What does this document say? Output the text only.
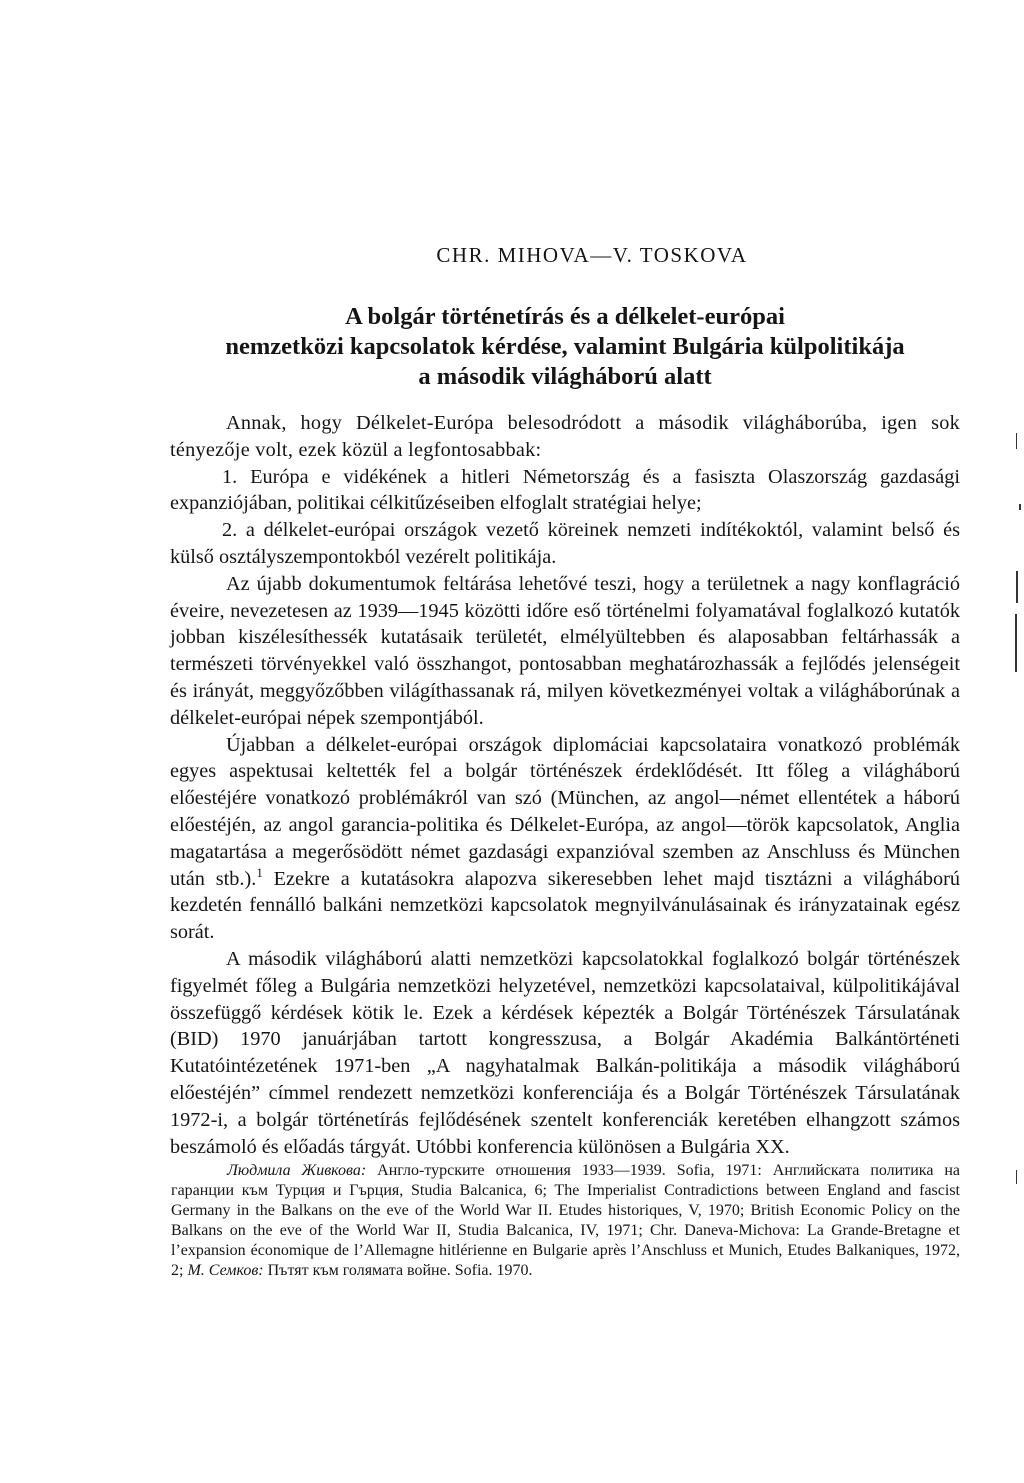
CHR. MIHOVA—V. TOSKOVA
A bolgár történetírás és a délkelet-európai
nemzetközi kapcsolatok kérdése, valamint Bulgária külpolitikája
a második világháború alatt

Annak, hogy Délkelet-Európa belesodródott a második világháborúba, igen sok tényezője volt, ezek közül a legfontosabbak:

1. Európa e vidékének a hitleri Németország és a fasiszta Olaszország gazdasági expanziójában, politikai célkitűzéseiben elfoglalt stratégiai helye;

2. a délkelet-európai országok vezető köreinek nemzeti indítékoktól, valamint belső és külső osztályszempontokból vezérelt politikája.

Az újabb dokumentumok feltárása lehetővé teszi, hogy a területnek a nagy konflagráció éveire, nevezetesen az 1939—1945 közötti időre eső történelmi folyamatával foglalkozó kutatók jobban kiszélesíthessék kutatásaik területét, elmélyültebben és alaposabban feltárhassák a természeti törvényekkel való összhangot, pontosabban meghatározhassák a fejlődés jelenségeit és irányát, meggyőzőbben világíthassanak rá, milyen következményei voltak a világháborúnak a délkelet-európai népek szempontjából.

Újabban a délkelet-európai országok diplomáciai kapcsolataira vonatkozó problémák egyes aspektusai keltették fel a bolgár történészek érdeklődését. Itt főleg a világháború előestéjére vonatkozó problémákról van szó (München, az angol—német ellentétek a háború előestéjén, az angol garancia-politika és Délkelet-Európa, az angol—török kapcsolatok, Anglia magatartása a megerősödött német gazdasági expanzióval szemben az Anschluss és München után stb.).$^1$ Ezekre a kutatásokra alapozva sikeresebben lehet majd tisztázni a világháború kezdetén fennálló balkáni nemzetközi kapcsolatok megnyilvánulásainak és irányzatainak egész sorát.

A második világháború alatti nemzetközi kapcsolatokkal foglalkozó bolgár történészek figyelmét főleg a Bulgária nemzetközi helyzetével, nemzetközi kapcsolataival, külpolitikájával összefüggő kérdések kötik le. Ezek a kérdések képezték a Bolgár Történészek Társulatának (BID) 1970 januárjában tartott kongresszusa, a Bolgár Akadémia Balkántörténeti Kutatóintézetének 1971-ben „A nagyhatalmak Balkán-politikája a második világháború előestéjén” címmel rendezett nemzetközi konferenciája és a Bolgár Történészek Társulatának 1972-i, a bolgár történetírás fejlődésének szentelt konferenciák keretében elhangzott számos beszámoló és előadás tárgyát. Utóbbi konferencia különösen a Bulgária XX.

Людмила Живкова: Англо-турските отношения 1933—1939. Sofia, 1971: Английската политика на гаранции към Турция и Гърция, Studia Balcanica, 6; The Imperialist Contradictions between England and fascist Germany in the Balkans on the eve of the World War II. Etudes historiques, V, 1970; British Economic Policy on the Balkans on the eve of the World War II, Studia Balcanica, IV, 1971; Chr. Daneva-Michova: La Grande-Bretagne et l’expansion économique de l’Allemagne hitlérienne en Bulgarie après l’Anschluss et Munich, Etudes Balkaniques, 1972, 2; М. Семков: Пътят към голямата войне. Sofia. 1970.
